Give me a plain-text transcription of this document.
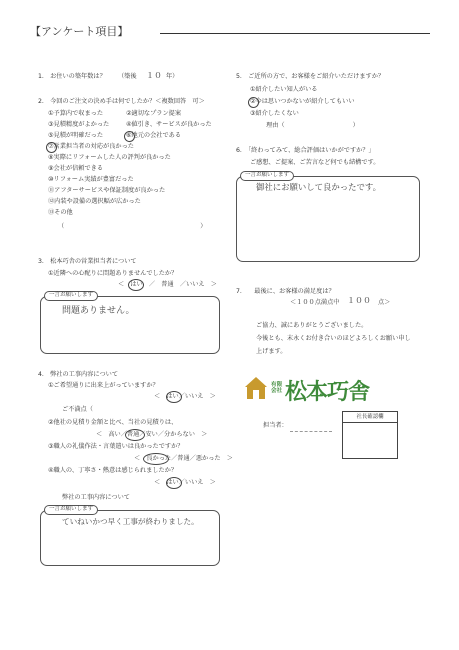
【アンケート項目】
1.　お住いの築年数は？ （築後 １０ 年）
2.　今回のご注文の決め手は何でしたか？＜複数回答　可＞
①予算内で収まった	②適切なプラン提案
③見積精度がよかった	④値引き、サービスが良かった
⑤見積が明確だった	⑥地元の会社である
⑦営業担当者の対応が良かった
⑧実際にリフォームした人の評判が良かった
⑨会社が信頼できる
⑩リフォーム実績が豊富だった
⑪アフターサービスや保証制度が良かった
⑫内装や設備の選択幅が広かった
⑬その他
（　　　　　　　　　　　　　　　　　　　　　　）
3.　松本巧舎の営業担当者について
①近隣への心配りに問題ありませんでしたか？
＜　はい　／　普通　／いいえ　＞
一言お願いします
問題ありません。
4.　弊社の工事内容について
①ご希望通りに出来上がっていますか？
＜　はい／いいえ　＞
ご不満点（
②他社の見積り金額と比べ、当社の見積りは、
＜　高い／普通／安い／分からない　＞
③職人の礼儀作法・言葉遣いは良かったですか？
＜　良かった／普通／悪かった　＞
④職人の、丁寧さ・熱意は感じられましたか？
＜　はい／いいえ　＞
弊社の工事内容について
一言お願いします
ていねいかつ早く工事が終わりました。
5.　ご近所の方で、お客様をご紹介いただけますか？
①紹介したい知人がいる
②今は思いつかないが紹介してもいい
③紹介したくない
理由（　　　　　　　　　　　）
6.　「終わってみて、総合評価はいかがですか？」
ご感想、ご提案、ご苦言など何でも結構です。
一言お願いします
御社にお願いして良かったです。
7.　　最後に、お客様の満足度は？
＜１００点満点中 １００ 点＞
ご協力、誠にありがとうございました。
今後とも、末永くお付き合いのほどよろしくお願い申し
上げます。
有限会社 松本巧舎
担当者：
社長確認欄
